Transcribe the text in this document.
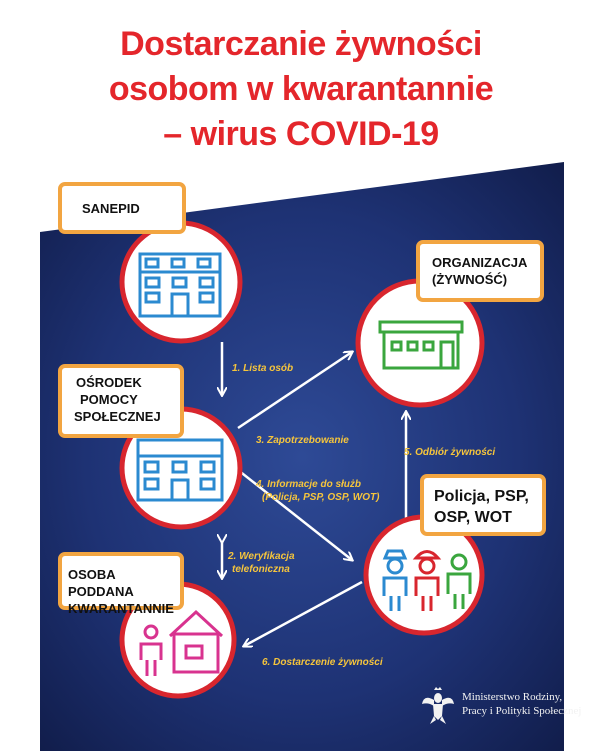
Dostarczanie żywności
osobom w kwarantannie
– wirus COVID-19
SANEPID
OŚRODEK
POMOCY
SPOŁECZNEJ
ORGANIZACJA
(ŻYWNOŚĆ)
Policja, PSP,
OSP, WOT
OSOBA PODDANA
KWARANTANNIE
1. Lista osób
2. Weryfikacja
telefoniczna
3. Zapotrzebowanie
4. Informacje do służb
(Policja, PSP, OSP, WOT)
5. Odbiór żywności
6. Dostarczenie żywności
Ministerstwo Rodziny,
Pracy i Polityki Społecznej
